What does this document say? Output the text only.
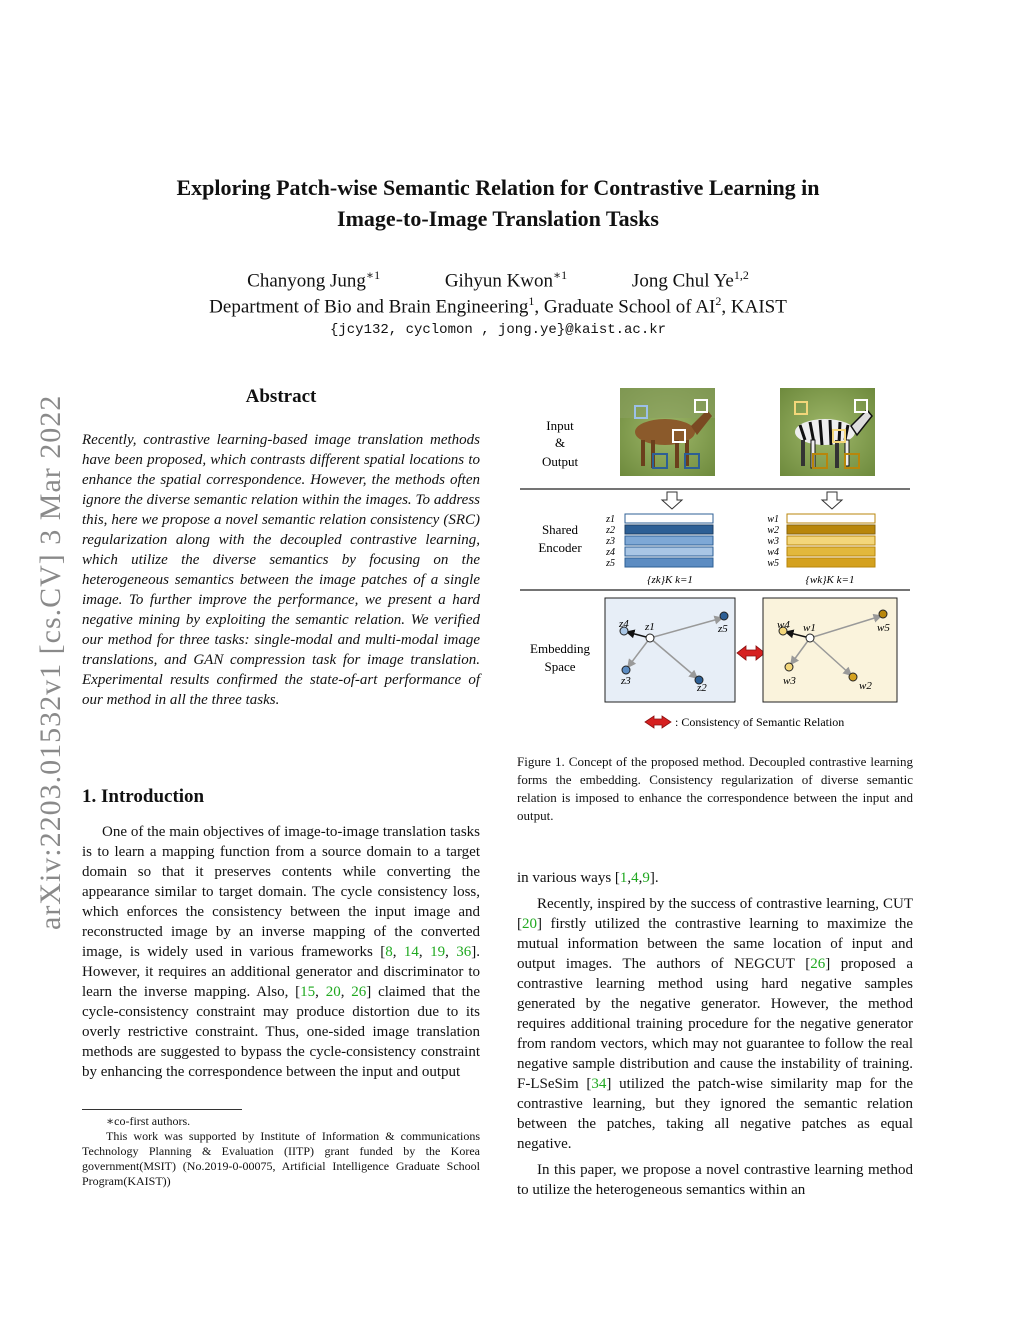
arXiv:2203.01532v1 [cs.CV] 3 Mar 2022
Exploring Patch-wise Semantic Relation for Contrastive Learning in
Image-to-Image Translation Tasks
Chanyong Jung$^{∗1}$	Gihyun Kwon$^{∗1}$	Jong Chul Ye$^{1,2}$
Department of Bio and Brain Engineering$^1$, Graduate School of $AI^2$, KAIST
{jcy132, cyclomon , jong.ye}@kaist.ac.kr
Abstract
Recently, contrastive learning-based image translation methods have been proposed, which contrasts different spatial locations to enhance the spatial correspondence. However, the methods often ignore the diverse semantic relation within the images. To address this, here we propose a novel semantic relation consistency (SRC) regularization along with the decoupled contrastive learning, which utilize the diverse semantics by focusing on the heterogeneous semantics between the image patches of a single image. To further improve the performance, we present a hard negative mining by exploiting the semantic relation. We verified our method for three tasks: single-modal and multi-modal image translations, and GAN compression task for image translation. Experimental results confirmed the state-of-art performance of our method in all the three tasks.
1. Introduction

One of the main objectives of image-to-image translation tasks is to learn a mapping function from a source domain to a target domain so that it preserves contents while converting the appearance similar to target domain. The cycle consistency loss, which enforces the consistency between the input image and reconstructed image by an inverse mapping of the converted image, is widely used in various frameworks [8, 14, 19, 36]. However, it requires an additional generator and discriminator to learn the inverse mapping. Also, [15, 20, 26] claimed that the cycle-consistency constraint may produce distortion due to its overly restrictive constraint. Thus, one-sided image translation methods are suggested to bypass the cycle-consistency constraint by enhancing the correspondence between the input and output

∗co-first authors.

This work was supported by Institute of Information & communications Technology Planning & Evaluation (IITP) grant funded by the Korea government(MSIT) (No.2019-0-00075, Artificial Intelligence Graduate School Program(KAIST))

Input
&
Output
Shared
Encoder
z1
z2
z3
z4
z5
{zk}K k=1
w1
w2
w3
w4
w5
{wk}K k=1
Embedding
Space
z4 z1	z5
z3
z2
w4 w1	w5
w3	w2
: Consistency of Semantic Relation
Figure 1. Concept of the proposed method. Decoupled contrastive learning forms the embedding. Consistency regularization of diverse semantic relation is imposed to enhance the correspondence between the input and output.

in various ways [1,4,9].

Recently, inspired by the success of contrastive learning, CUT [20] firstly utilized the contrastive learning to maximize the mutual information between the same location of input and output images. The authors of NEGCUT [26] proposed a contrastive learning method using hard negative samples generated by the negative generator. However, the method requires additional training procedure for the negative generator from random vectors, which may not guarantee to follow the real negative sample distribution and cause the instability of training. F-LSeSim [34] utilized the patch-wise similarity map for the contrastive learning, but they ignored the semantic relation between the patches, taking all negative patches as equal negative.

In this paper, we propose a novel contrastive learning method to utilize the heterogeneous semantics within an
